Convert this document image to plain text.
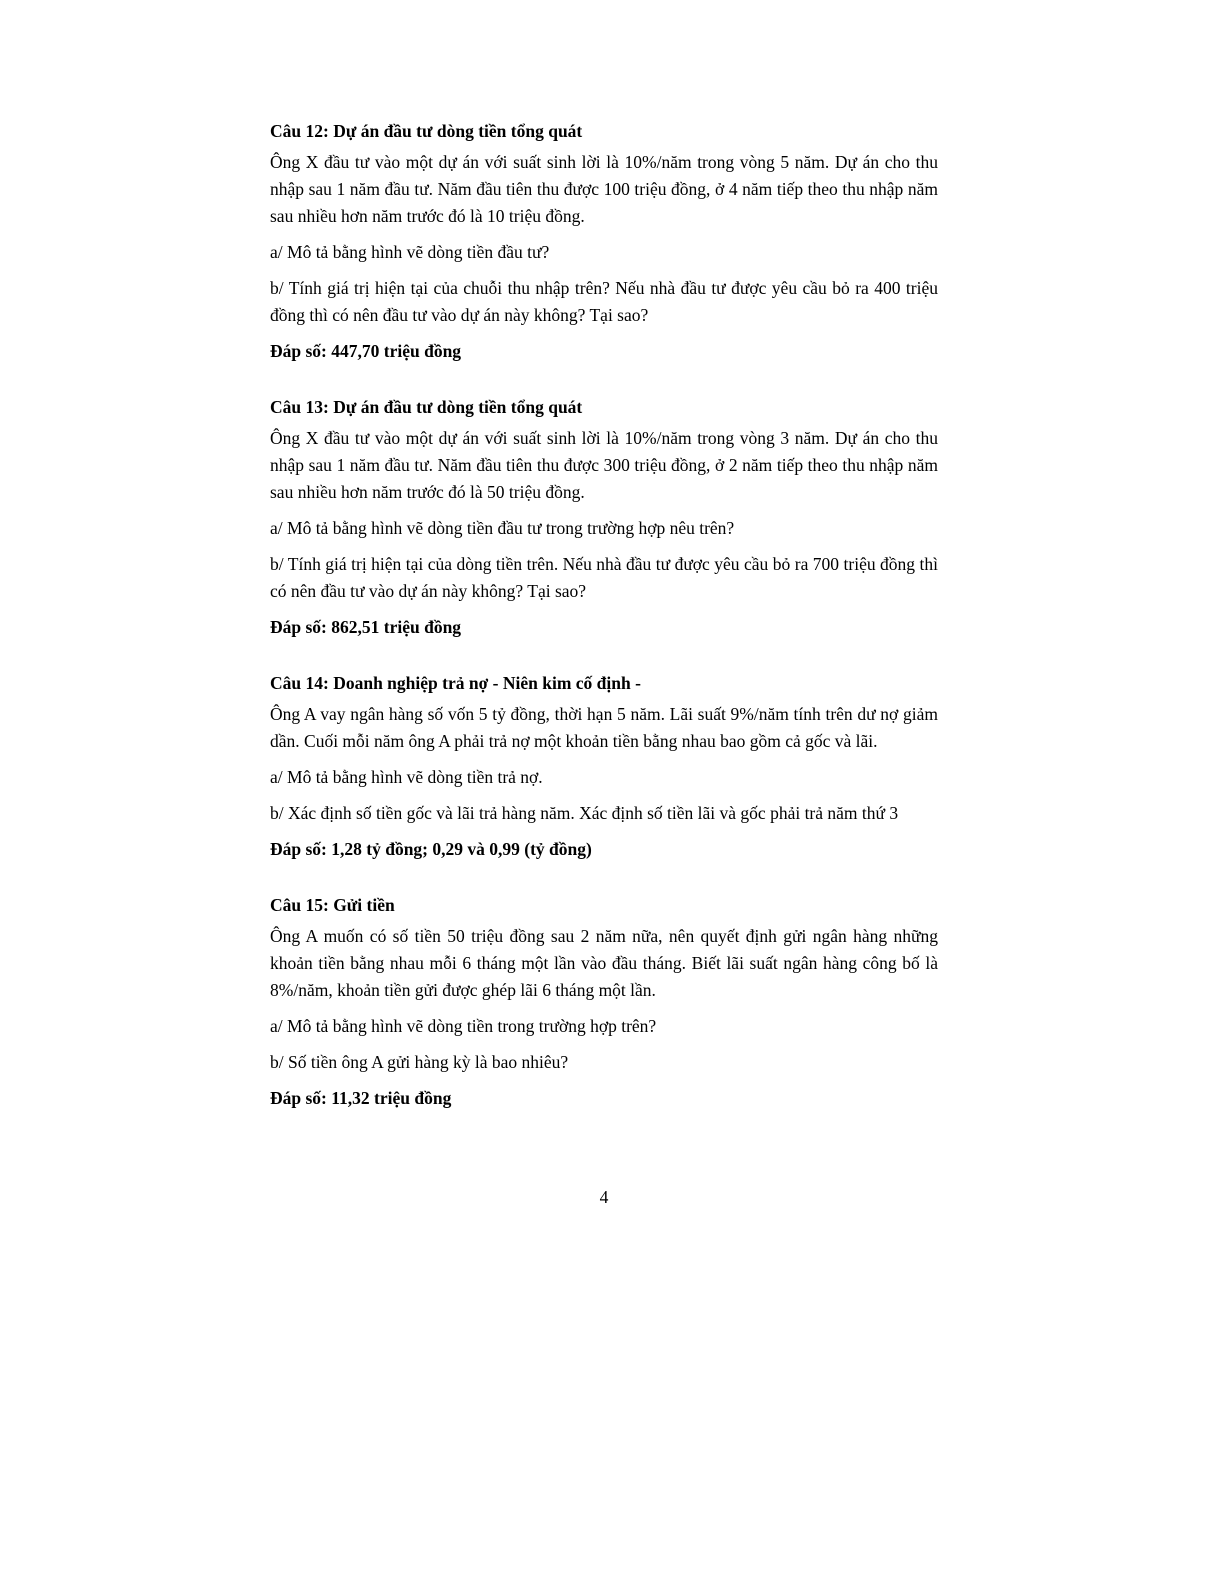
Câu 12: Dự án đầu tư dòng tiền tổng quát

Ông X đầu tư vào một dự án với suất sinh lời là 10%/năm trong vòng 5 năm. Dự án cho thu nhập sau 1 năm đầu tư. Năm đầu tiên thu được 100 triệu đồng, ở 4 năm tiếp theo thu nhập năm sau nhiều hơn năm trước đó là 10 triệu đồng.

a/ Mô tả bằng hình vẽ dòng tiền đầu tư?

b/ Tính giá trị hiện tại của chuỗi thu nhập trên? Nếu nhà đầu tư được yêu cầu bỏ ra 400 triệu đồng thì có nên đầu tư vào dự án này không? Tại sao?

Đáp số: 447,70 triệu đồng

Câu 13: Dự án đầu tư dòng tiền tổng quát

Ông X đầu tư vào một dự án với suất sinh lời là 10%/năm trong vòng 3 năm. Dự án cho thu nhập sau 1 năm đầu tư. Năm đầu tiên thu được 300 triệu đồng, ở 2 năm tiếp theo thu nhập năm sau nhiều hơn năm trước đó là 50 triệu đồng.

a/ Mô tả bằng hình vẽ dòng tiền đầu tư trong trường hợp nêu trên?

b/ Tính giá trị hiện tại của dòng tiền trên. Nếu nhà đầu tư được yêu cầu bỏ ra 700 triệu đồng thì có nên đầu tư vào dự án này không? Tại sao?

Đáp số: 862,51 triệu đồng

Câu 14: Doanh nghiệp trả nợ - Niên kim cố định -

Ông A vay ngân hàng số vốn 5 tỷ đồng, thời hạn 5 năm. Lãi suất 9%/năm tính trên dư nợ giảm dần. Cuối mỗi năm ông A phải trả nợ một khoản tiền bằng nhau bao gồm cả gốc và lãi.

a/ Mô tả bằng hình vẽ dòng tiền trả nợ.

b/ Xác định số tiền gốc và lãi trả hàng năm. Xác định số tiền lãi và gốc phải trả năm thứ 3

Đáp số: 1,28 tỷ đồng; 0,29 và 0,99 (tỷ đồng)

Câu 15: Gửi tiền

Ông A muốn có số tiền 50 triệu đồng sau 2 năm nữa, nên quyết định gửi ngân hàng những khoản tiền bằng nhau mỗi 6 tháng một lần vào đầu tháng. Biết lãi suất ngân hàng công bố là 8%/năm, khoản tiền gửi được ghép lãi 6 tháng một lần.

a/ Mô tả bằng hình vẽ dòng tiền trong trường hợp trên?

b/ Số tiền ông A gửi hàng kỳ là bao nhiêu?

Đáp số: 11,32 triệu đồng

4
